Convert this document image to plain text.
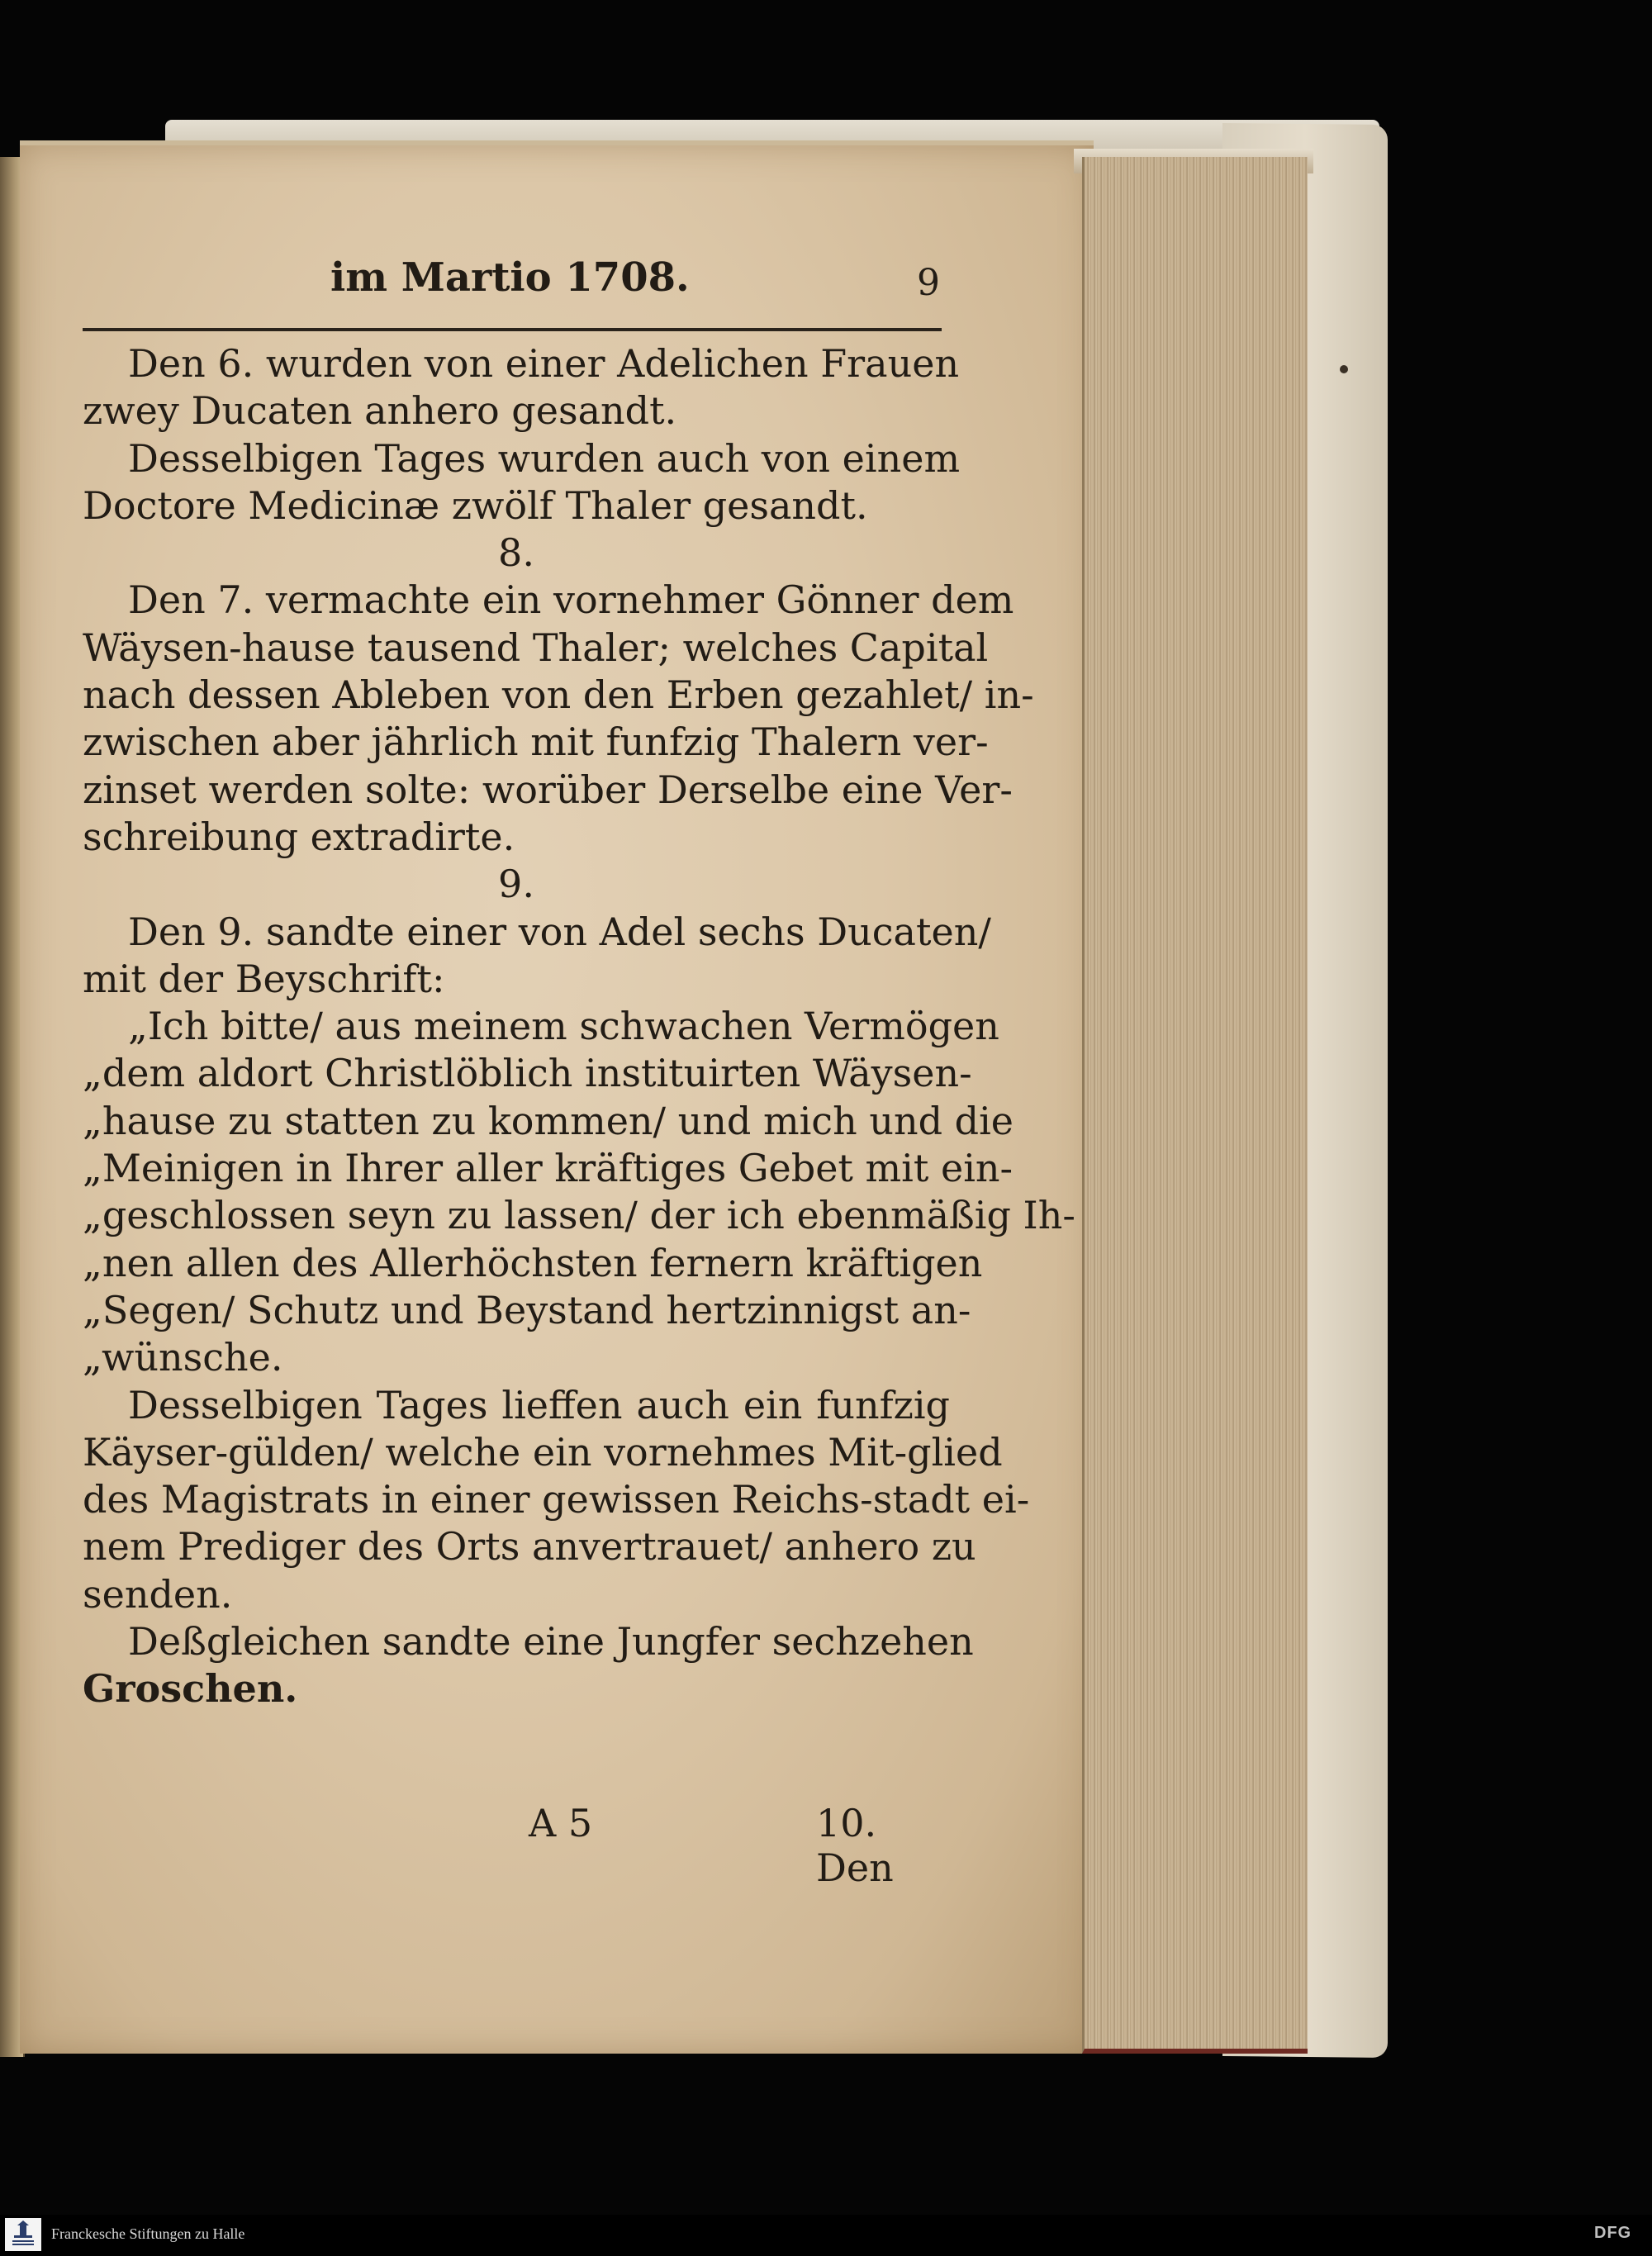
im Martio 1708.	9
Den 6. wurden von einer Adelichen Frauen
zwey Ducaten anhero gesandt.
Desselbigen Tages wurden auch von einem
Doctore Medicinæ zwölf Thaler gesandt.
8.
Den 7. vermachte ein vornehmer Gönner dem
Wäysen-hause tausend Thaler; welches Capital
nach dessen Ableben von den Erben gezahlet/ in-
zwischen aber jährlich mit funfzig Thalern ver-
zinset werden solte: worüber Derselbe eine Ver-
schreibung extradirte.
9.
Den 9. sandte einer von Adel sechs Ducaten/
mit der Beyschrift:
„Ich bitte/ aus meinem schwachen Vermögen
„dem aldort Christlöblich instituirten Wäysen-
„hause zu statten zu kommen/ und mich und die
„Meinigen in Ihrer aller kräftiges Gebet mit ein-
„geschlossen seyn zu lassen/ der ich ebenmäßig Ih-
„nen allen des Allerhöchsten fernern kräftigen
„Segen/ Schutz und Beystand hertzinnigst an-
„wünsche.
Desselbigen Tages lieffen auch ein funfzig
Käyser-gülden/ welche ein vornehmes Mit-glied
des Magistrats in einer gewissen Reichs-stadt ei-
nem Prediger des Orts anvertrauet/ anhero zu
senden.
Deßgleichen sandte eine Jungfer sechzehen
Groschen.
A 5	10. Den
Franckesche Stiftungen zu Halle	DFG
